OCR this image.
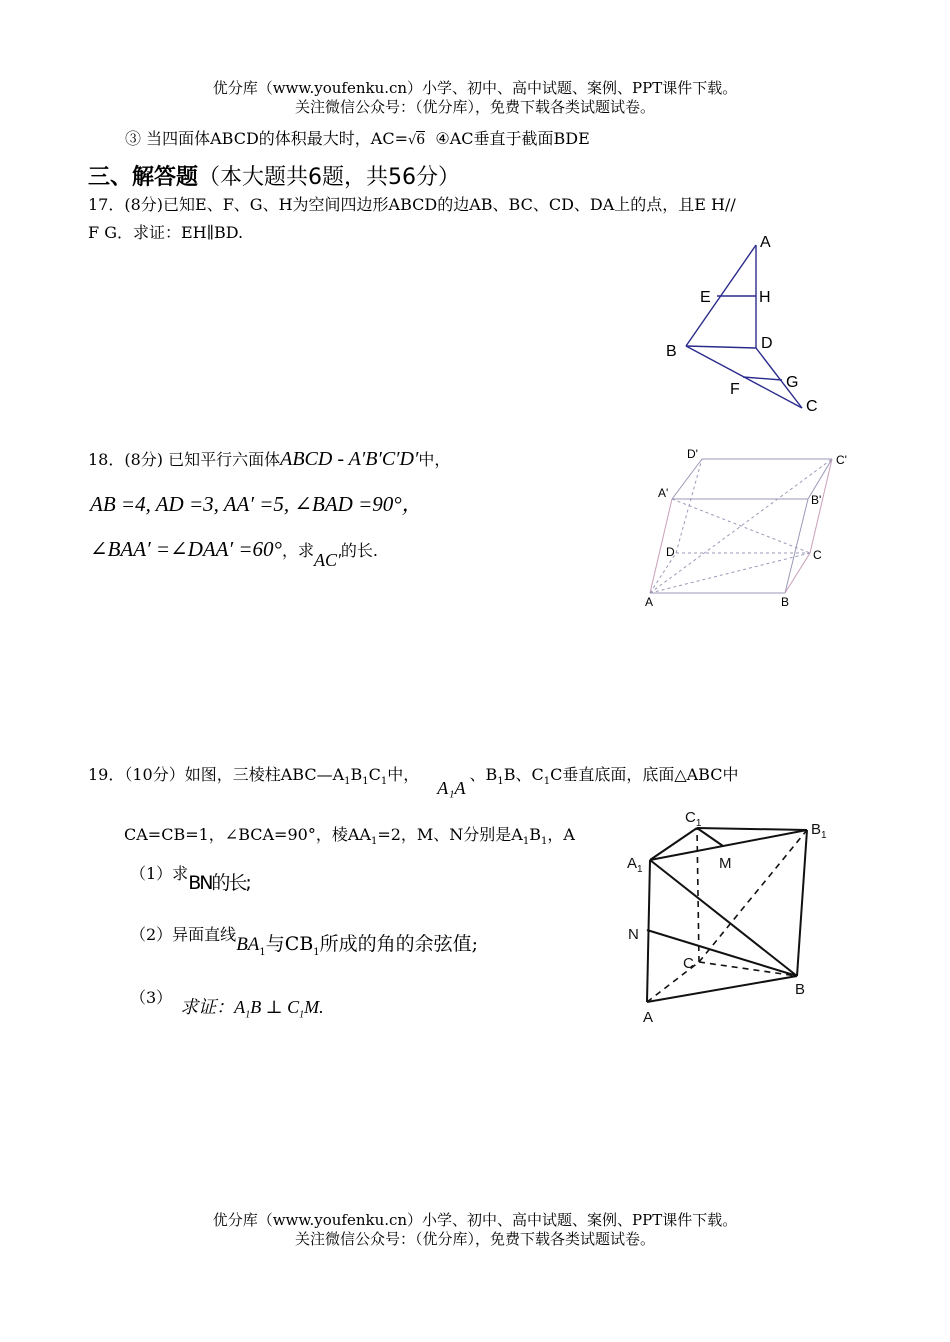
优分库（www.youfenku.cn）小学、初中、高中试题、案例、PPT课件下载。
关注微信公众号：（优分库），免费下载各类试题试卷。
③ 当四面体ABCD的体积最大时，AC=√6 ④AC垂直于截面BDE
三、解答题（本大题共6题，共56分）
17．(8分)已知E、F、G、H为空间四边形ABCD的边AB、BC、CD、DA上的点，且E H//
F G．求证：EH∥BD.
A
E	H
B	D
G
F
C
18．(8分) 已知平行六面体ABCD - A′B′C′D′中，
AB =4, AD =3, AA′ =5, ∠BAD =90°，
∠BAA′ =∠DAA′ =60°，求AC′的长.
D'	C'
A'	B'
D	C
A	B
19．（10分）如图，三棱柱$ABC—A_1B_1C_1$中，A₁A、$B_1B$、$C_1C$垂直底面，底面△ABC中
CA=CB=1，∠BCA=90°，棱$AA_1=2$，M、N分别是$A_1B_1$，A
（1）求BN的长;
（2）异面直线$BA_1$与$CB_1$所成的角的余弦值;
（3） 求证：$A_1B$ ⊥ $C_1M$.
$C_1$	$B_1$
$A_1$	M
N
C
B
A
优分库（www.youfenku.cn）小学、初中、高中试题、案例、PPT课件下载。
关注微信公众号：（优分库），免费下载各类试题试卷。
